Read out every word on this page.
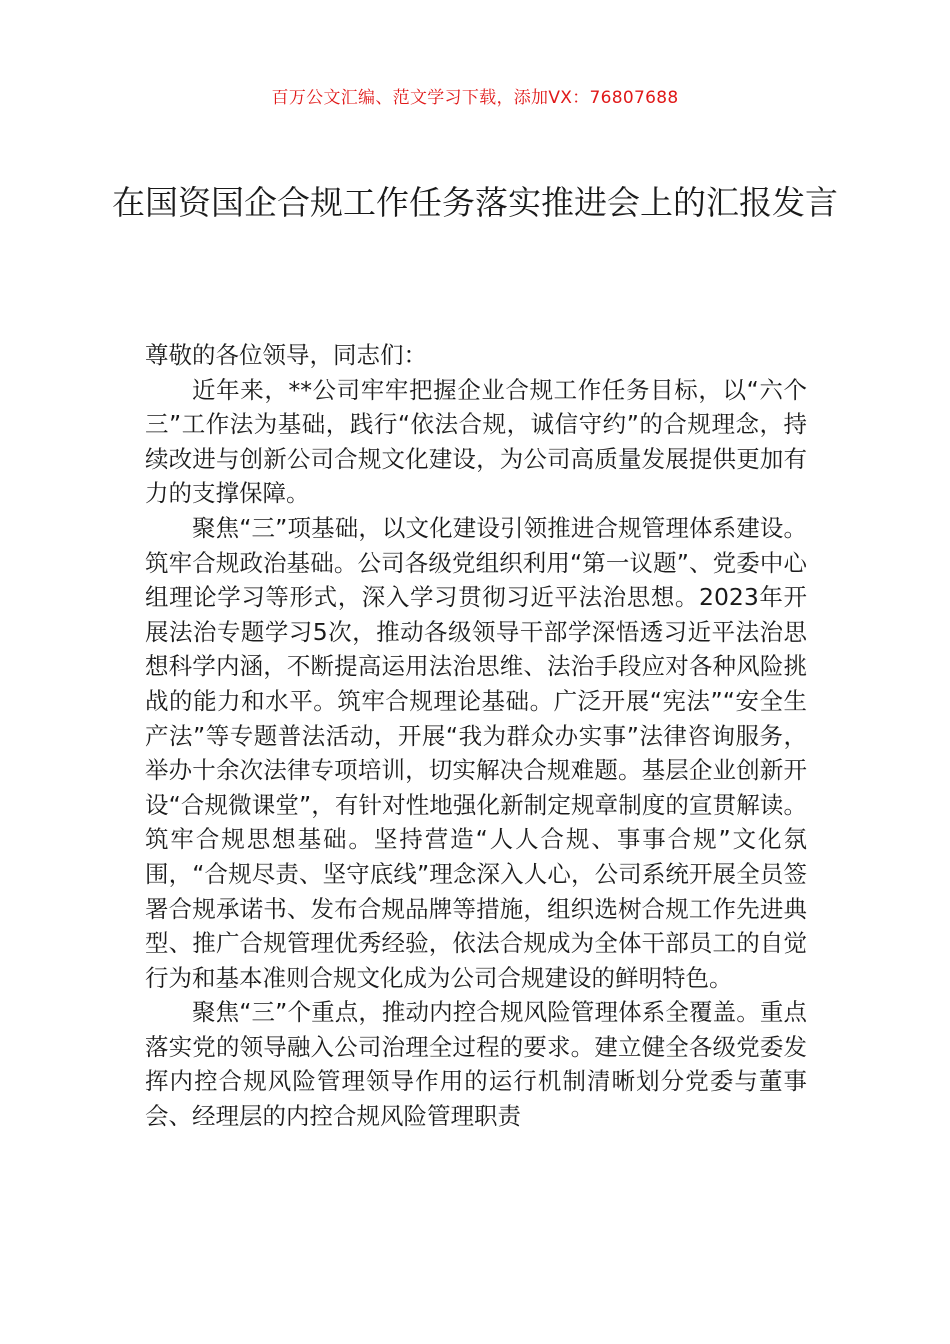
百万公文汇编、范文学习下载，添加VX：76807688
在国资国企合规工作任务落实推进会上的汇报发言

尊敬的各位领导，同志们：

近年来，**公司牢牢把握企业合规工作任务目标，以“六个三”工作法为基础，践行“依法合规，诚信守约”的合规理念，持续改进与创新公司合规文化建设，为公司高质量发展提供更加有力的支撑保障。

聚焦“三”项基础，以文化建设引领推进合规管理体系建设。筑牢合规政治基础。公司各级党组织利用“第一议题”、党委中心组理论学习等形式，深入学习贯彻习近平法治思想。2023年开展法治专题学习5次，推动各级领导干部学深悟透习近平法治思想科学内涵，不断提高运用法治思维、法治手段应对各种风险挑战的能力和水平。筑牢合规理论基础。广泛开展“宪法”“安全生产法”等专题普法活动，开展“我为群众办实事”法律咨询服务，举办十余次法律专项培训，切实解决合规难题。基层企业创新开设“合规微课堂”，有针对性地强化新制定规章制度的宣贯解读。筑牢合规思想基础。坚持营造“人人合规、事事合规”文化氛围，“合规尽责、坚守底线”理念深入人心，公司系统开展全员签署合规承诺书、发布合规品牌等措施，组织选树合规工作先进典型、推广合规管理优秀经验，依法合规成为全体干部员工的自觉行为和基本准则合规文化成为公司合规建设的鲜明特色。

聚焦“三”个重点，推动内控合规风险管理体系全覆盖。重点落实党的领导融入公司治理全过程的要求。建立健全各级党委发挥内控合规风险管理领导作用的运行机制清晰划分党委与董事会、经理层的内控合规风险管理职责
